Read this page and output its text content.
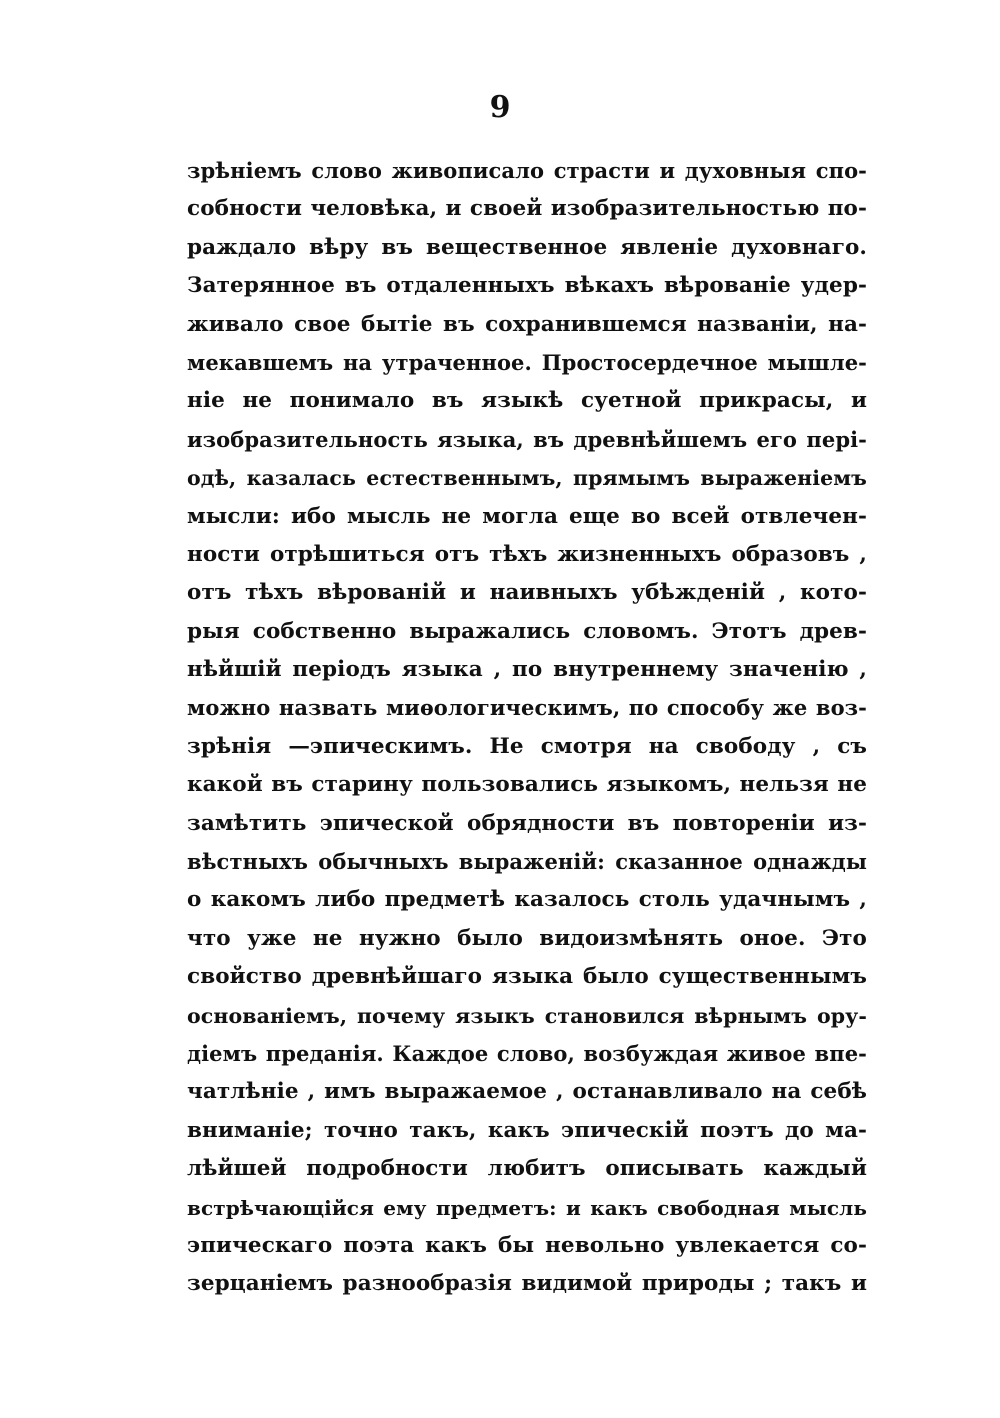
9
зрѣніемъ слово живописало страсти и духовныя спо-
собности человѣка, и своей изобразительностью по-
раждало вѣру въ вещественное явленіе духовнаго.
Затерянное въ отдаленныхъ вѣкахъ вѣрованіе удер-
живало свое бытіе въ сохранившемся названіи, на-
мекавшемъ на утраченное. Простосердечное мышле-
ніе не понимало въ языкѣ суетной прикрасы, и
изобразительность языка, въ древнѣйшемъ его пері-
одѣ, казалась естественнымъ, прямымъ выраженіемъ
мысли: ибо мысль не могла еще во всей отвлечен-
ности отрѣшиться отъ тѣхъ жизненныхъ образовъ ,
отъ тѣхъ вѣрованій и наивныхъ убѣжденій , кото-
рыя собственно выражались словомъ. Этотъ древ-
нѣйшій періодъ языка , по внутреннему значенію ,
можно назвать миѳологическимъ, по способу же воз-
зрѣнія —эпическимъ. Не смотря на свободу , съ
какой въ старину пользовались языкомъ, нельзя не
замѣтить эпической обрядности въ повтореніи из-
вѣстныхъ обычныхъ выраженій: сказанное однажды
о какомъ либо предметѣ казалось столь удачнымъ ,
что уже не нужно было видоизмѣнять оное. Это
свойство древнѣйшаго языка было существеннымъ
основаніемъ, почему языкъ становился вѣрнымъ ору-
діемъ преданія. Каждое слово, возбуждая живое впе-
чатлѣніе , имъ выражаемое , останавливало на себѣ
вниманіе; точно такъ, какъ эпическій поэтъ до ма-
лѣйшей подробности любитъ описывать каждый
встрѣчающійся ему предметъ: и какъ свободная мысль
эпическаго поэта какъ бы невольно увлекается со-
зерцаніемъ разнообразія видимой природы ; такъ и
